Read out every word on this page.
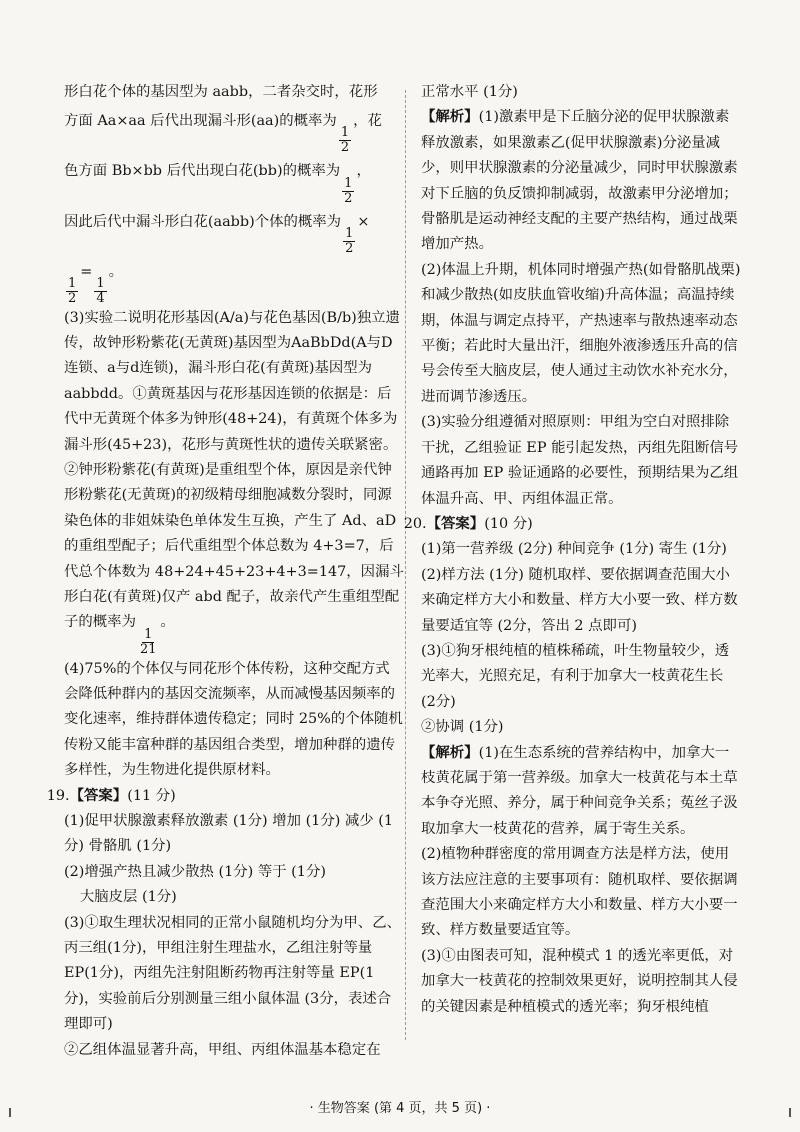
形白花个体的基因型为 aabb，二者杂交时，花形

方面 Aa×aa 后代出现漏斗形(aa)的概率为
$\frac{1}{2}$
，花

色方面 Bb×bb 后代出现白花(bb)的概率为
$\frac{1}{2}$
，

因此后代中漏斗形白花(aabb)个体的概率为
$\frac{1}{2}$
×

$\frac{1}{2}$
=
$\frac{1}{4}$
。

(3)实验二说明花形基因(A/a)与花色基因(B/b)独立遗传，故钟形粉紫花(无黄斑)基因型为AaBbDd(A与D连锁、a与d连锁)，漏斗形白花(有黄斑)基因型为 aabbdd。①黄斑基因与花形基因连锁的依据是：后代中无黄斑个体多为钟形(48+24)，有黄斑个体多为漏斗形(45+23)，花形与黄斑性状的遗传关联紧密。②钟形粉紫花(有黄斑)是重组型个体，原因是亲代钟形粉紫花(无黄斑)的初级精母细胞减数分裂时，同源染色体的非姐妹染色单体发生互换，产生了 Ad、aD 的重组型配子；后代重组型个体总数为 4+3=7，后代总个体数为 48+24+45+23+4+3=147，因漏斗形白花(有黄斑)仅产 abd 配子，故亲代产生重组型配子的概率为
$\frac{1}{21}$
。

(4)75%的个体仅与同花形个体传粉，这种交配方式会降低种群内的基因交流频率，从而减慢基因频率的变化速率，维持群体遗传稳定；同时 25%的个体随机传粉又能丰富种群的基因组合类型，增加种群的遗传多样性，为生物进化提供原材料。

19.【答案】(11 分)

(1)促甲状腺激素释放激素 (1分) 增加 (1分) 减少 (1分) 骨骼肌 (1分)

(2)增强产热且减少散热 (1分) 等于 (1分)

大脑皮层 (1分)

(3)①取生理状况相同的正常小鼠随机均分为甲、乙、丙三组(1分)，甲组注射生理盐水，乙组注射等量 EP(1分)，丙组先注射阻断药物再注射等量 EP(1分)，实验前后分别测量三组小鼠体温 (3分，表述合理即可)

②乙组体温显著升高，甲组、丙组体温基本稳定在

正常水平 (1分)

【解析】(1)激素甲是下丘脑分泌的促甲状腺激素释放激素，如果激素乙(促甲状腺激素)分泌量减少，则甲状腺激素的分泌量减少，同时甲状腺激素对下丘脑的负反馈抑制减弱，故激素甲分泌增加；骨骼肌是运动神经支配的主要产热结构，通过战栗增加产热。

(2)体温上升期，机体同时增强产热(如骨骼肌战栗)和减少散热(如皮肤血管收缩)升高体温；高温持续期，体温与调定点持平，产热速率与散热速率动态平衡；若此时大量出汗，细胞外液渗透压升高的信号会传至大脑皮层，使人通过主动饮水补充水分，进而调节渗透压。

(3)实验分组遵循对照原则：甲组为空白对照排除干扰，乙组验证 EP 能引起发热，丙组先阻断信号通路再加 EP 验证通路的必要性，预期结果为乙组体温升高、甲、丙组体温正常。

20.【答案】(10 分)

(1)第一营养级 (2分) 种间竞争 (1分) 寄生 (1分)

(2)样方法 (1分) 随机取样、要依据调查范围大小来确定样方大小和数量、样方大小要一致、样方数量要适宜等 (2分，答出 2 点即可)

(3)①狗牙根纯植的植株稀疏，叶生物量较少，透光率大，光照充足，有利于加拿大一枝黄花生长

(2分)

②协调 (1分)

【解析】(1)在生态系统的营养结构中，加拿大一枝黄花属于第一营养级。加拿大一枝黄花与本土草本争夺光照、养分，属于种间竞争关系；菟丝子汲取加拿大一枝黄花的营养，属于寄生关系。

(2)植物种群密度的常用调查方法是样方法，使用该方法应注意的主要事项有：随机取样、要依据调查范围大小来确定样方大小和数量、样方大小要一致、样方数量要适宜等。

(3)①由图表可知，混种模式 1 的透光率更低，对加拿大一枝黄花的控制效果更好，说明控制其人侵的关键因素是种植模式的透光率；狗牙根纯植

· 生物答案 (第 4 页，共 5 页) ·
